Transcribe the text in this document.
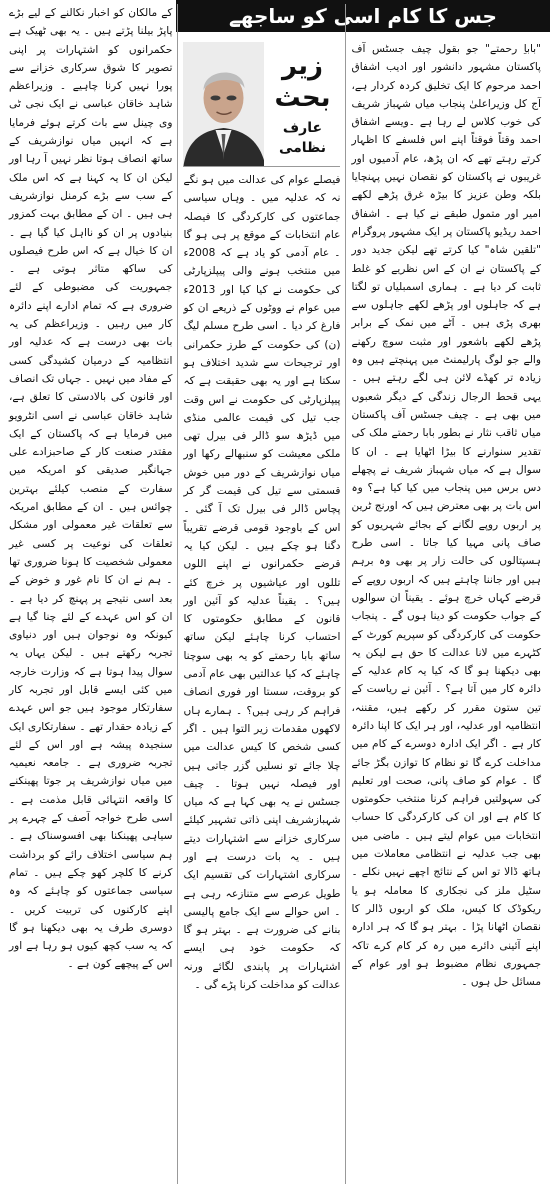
جس کا کام اسی کو ساجھے

"باباِ رحمتے" جو بقول چیف جسٹس آف پاکستان مشہور دانشور اور ادیب اشفاق احمد مرحوم کا ایک تخلیق کردہ کردار ہے، آج کل وزیراعلیٰ پنجاب میاں شہباز شریف کی خوب کلاس لے رہا ہے ۔ویسے اشفاق احمد وقتاً فوقتاً اپنے اس فلسفے کا اظہار کرتے رہتے تھے کہ ان پڑھ، عام آدمیوں اور غریبوں نے پاکستان کو نقصان نہیں پہنچایا بلکہ وطن عزیز کا بیڑہ غرق پڑھے لکھے امیر اور متمول طبقے نے کیا ہے ۔ اشفاق احمد ریڈیو پاکستان پر ایک مشہور پروگرام "تلقین شاہ" کیا کرتے تھے لیکن جدید دور کے پاکستان نے ان کے اس نظریے کو غلط ثابت کر دیا ہے ۔ ہماری اسمبلیاں تو لگتا ہے کہ جاہلوں اور پڑھے لکھے جاہلوں سے بھری پڑی ہیں ۔ آٹے میں نمک کے برابر پڑھے لکھے باشعور اور مثبت سوچ رکھنے والے جو لوگ پارلیمنٹ میں پہنچتے ہیں وہ زیادہ تر کھڈے لائن ہی لگے رہتے ہیں ۔ یہی قحط الرجال زندگی کے دیگر شعبوں میں بھی ہے ۔ چیف جسٹس آف پاکستان میاں ثاقب نثار نے بطور بابا رحمتے ملک کی تقدیر سنوارنے کا بیڑا اٹھایا ہے ۔ ان کا سوال ہے کہ میاں شہباز شریف نے پچھلے دس برس میں پنجاب میں کیا کیا ہے؟ وہ اس بات پر بھی معترض ہیں کہ اورنج ٹرین پر اربوں روپے لگانے کے بجائے شہریوں کو صاف پانی مہیا کیا جاتا ۔ اسی طرح ہسپتالوں کی حالت زار پر بھی وہ برہم ہیں اور جاننا چاہتے ہیں کہ اربوں روپے کے قرضے کہاں خرچ ہوئے ۔ یقیناً ان سوالوں کے جواب حکومت کو دینا ہوں گے ۔ پنجاب حکومت کی کارکردگی کو سپریم کورٹ کے کٹہرے میں لانا عدالت کا حق ہے لیکن یہ بھی دیکھنا ہو گا کہ کیا یہ کام عدلیہ کے دائرہ کار میں آتا ہے؟ ۔ آئین نے ریاست کے تین ستون مقرر کر رکھے ہیں، مقننہ، انتظامیہ اور عدلیہ، اور ہر ایک کا اپنا دائرہ کار ہے ۔ اگر ایک ادارہ دوسرے کے کام میں مداخلت کرے گا تو نظام کا توازن بگڑ جائے گا ۔ عوام کو صاف پانی، صحت اور تعلیم کی سہولتیں فراہم کرنا منتخب حکومتوں کا کام ہے اور ان کی کارکردگی کا حساب انتخابات میں عوام لیتے ہیں ۔ ماضی میں بھی جب عدلیہ نے انتظامی معاملات میں ہاتھ ڈالا تو اس کے نتائج اچھے نہیں نکلے ۔ سٹیل ملز کی نجکاری کا معاملہ ہو یا ریکوڈک کا کیس، ملک کو اربوں ڈالر کا نقصان اٹھانا پڑا ۔ بہتر ہو گا کہ ہر ادارہ اپنے آئینی دائرے میں رہ کر کام کرے تاکہ جمہوری نظام مضبوط ہو اور عوام کے مسائل حل ہوں ۔

زیر
بحث
عارف نظامی

فیصلے عوام کی عدالت میں ہو نگے نہ کہ عدلیہ میں ۔ وہاں سیاسی جماعتوں کی کارکردگی کا فیصلہ عام انتخابات کے موقع پر ہی ہو گا ۔ عام آدمی کو یاد ہے کہ 2008ء میں منتخب ہونے والی پیپلزپارٹی کی حکومت نے کیا کیا اور 2013ء میں عوام نے ووٹوں کے ذریعے ان کو فارغ کر دیا ۔ اسی طرح مسلم لیگ (ن) کی حکومت کے طرز حکمرانی اور ترجیحات سے شدید اختلاف ہو سکتا ہے اور یہ بھی حقیقت ہے کہ پیپلزپارٹی کی حکومت نے اس وقت جب تیل کی قیمت عالمی منڈی میں ڈیڑھ سو ڈالر فی بیرل تھی ملکی معیشت کو سنبھالے رکھا اور میاں نوازشریف کے دور میں خوش قسمتی سے تیل کی قیمت گر کر پچاس ڈالر فی بیرل تک آ گئی ۔ اس کے باوجود قومی قرضے تقریباً دگنا ہو چکے ہیں ۔ لیکن کیا یہ قرضے حکمرانوں نے اپنے اللوں تللوں اور عیاشیوں پر خرچ کئے ہیں؟ ۔ یقیناً عدلیہ کو آئین اور قانون کے مطابق حکومتوں کا احتساب کرنا چاہئے لیکن ساتھ ساتھ بابا رحمتے کو یہ بھی سوچنا چاہئے کہ کیا عدالتیں بھی عام آدمی کو بروقت، سستا اور فوری انصاف فراہم کر رہی ہیں؟ ۔ ہمارے ہاں لاکھوں مقدمات زیر التوا ہیں ۔ اگر کسی شخص کا کیس عدالت میں چلا جائے تو نسلیں گزر جاتی ہیں اور فیصلہ نہیں ہوتا ۔ چیف جسٹس نے یہ بھی کہا ہے کہ میاں شہبازشریف اپنی ذاتی تشہیر کیلئے سرکاری خزانے سے اشتہارات دیتے ہیں ۔ یہ بات درست ہے اور سرکاری اشتہارات کی تقسیم ایک طویل عرصے سے متنازعہ رہی ہے ۔ اس حوالے سے ایک جامع پالیسی بنانے کی ضرورت ہے ۔ بہتر ہو گا کہ حکومت خود ہی ایسے اشتہارات پر پابندی لگائے ورنہ عدالت کو مداخلت کرنا پڑے گی ۔

کے مالکان کو اخبار نکالنے کے لیے بڑے پاپڑ بیلنا پڑتے ہیں ۔ یہ بھی ٹھیک ہے حکمرانوں کو اشتہارات پر اپنی تصویر کا شوق سرکاری خزانے سے پورا نہیں کرنا چاہیے ۔ وزیراعظم شاہد خاقان عباسی نے ایک نجی ٹی وی چینل سے بات کرتے ہوئے فرمایا ہے کہ انہیں میاں نوازشریف کے ساتھ انصاف ہوتا نظر نہیں آ رہا اور لیکن ان کا یہ کہنا ہے کہ اس ملک کے سب سے بڑے کرمنل نوازشریف ہی ہیں ۔ ان کے مطابق بہت کمزور بنیادوں پر ان کو نااہل کیا گیا ہے ۔ ان کا خیال ہے کہ اس طرح فیصلوں کی ساکھ متاثر ہوتی ہے ۔ جمہوریت کی مضبوطی کے لئے ضروری ہے کہ تمام ادارے اپنے دائرہ کار میں رہیں ۔ وزیراعظم کی یہ بات بھی درست ہے کہ عدلیہ اور انتظامیہ کے درمیان کشیدگی کسی کے مفاد میں نہیں ۔ جہاں تک انصاف اور قانون کی بالادستی کا تعلق ہے، شاہد خاقان عباسی نے اسی انٹرویو میں فرمایا ہے کہ پاکستان کے ایک مقتدر صنعت کار کے صاحبزادے علی جہانگیر صدیقی کو امریکہ میں سفارت کے منصب کیلئے بہترین چوائس ہیں ۔ ان کے مطابق امریکہ سے تعلقات غیر معمولی اور مشکل تعلقات کی نوعیت پر کسی غیر معمولی شخصیت کا ہونا ضروری تھا ۔ ہم نے ان کا نام غور و خوض کے بعد اسی نتیجے پر پہنچ کر دیا ہے ۔ ان کو اس عہدے کے لئے چنا گیا ہے کیونکہ وہ نوجوان ہیں اور دنیاوی تجربہ رکھتے ہیں ۔ لیکن یہاں یہ سوال پیدا ہوتا ہے کہ وزارت خارجہ میں کئی ایسے قابل اور تجربہ کار سفارتکار موجود ہیں جو اس عہدے کے زیادہ حقدار تھے ۔ سفارتکاری ایک سنجیدہ پیشہ ہے اور اس کے لئے تجربہ ضروری ہے ۔ جامعہ نعیمیہ میں میاں نوازشریف پر جوتا پھینکنے کا واقعہ انتہائی قابل مذمت ہے ۔ اسی طرح خواجہ آصف کے چہرے پر سیاہی پھینکنا بھی افسوسناک ہے ۔ ہم سیاسی اختلاف رائے کو برداشت کرنے کا کلچر کھو چکے ہیں ۔ تمام سیاسی جماعتوں کو چاہئے کہ وہ اپنے کارکنوں کی تربیت کریں ۔ دوسری طرف یہ بھی دیکھنا ہو گا کہ یہ سب کچھ کیوں ہو رہا ہے اور اس کے پیچھے کون ہے ۔
